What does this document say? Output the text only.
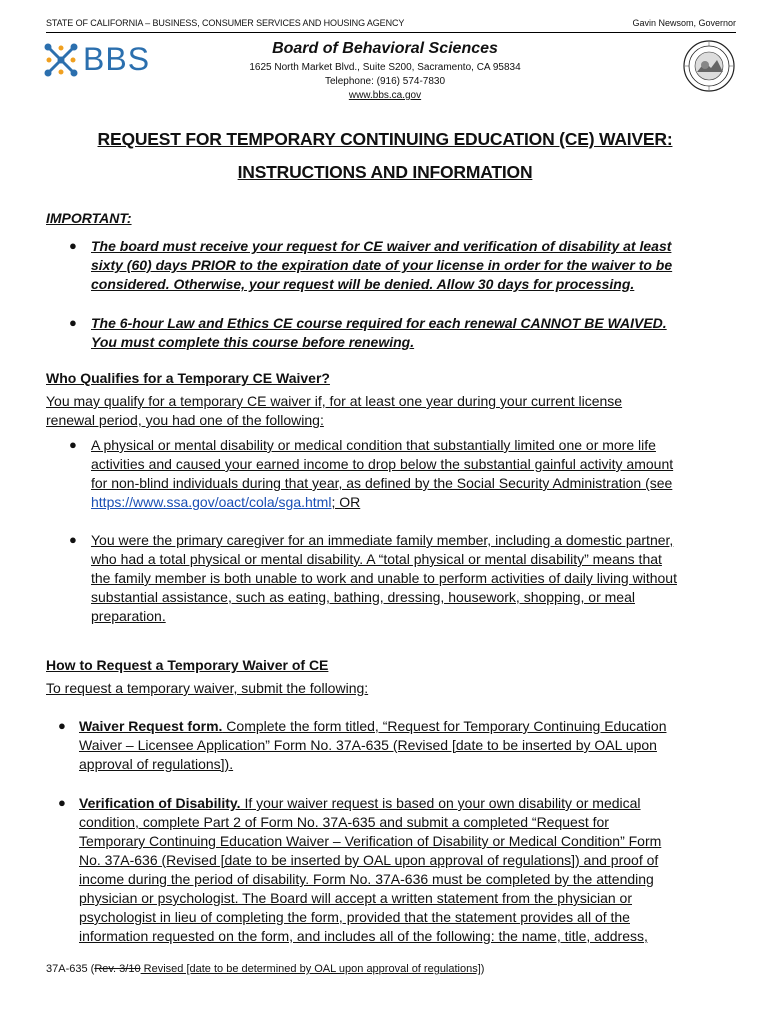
STATE OF CALIFORNIA – BUSINESS, CONSUMER SERVICES AND HOUSING AGENCY	Gavin Newsom, Governor
BBS	Board of Behavioral Sciences
1625 North Market Blvd., Suite S200, Sacramento, CA 95834
Telephone: (916) 574-7830
www.bbs.ca.gov
REQUEST FOR TEMPORARY CONTINUING EDUCATION (CE) WAIVER:
INSTRUCTIONS AND INFORMATION
IMPORTANT:
● The board must receive your request for CE waiver and verification of disability at least
sixty (60) days PRIOR to the expiration date of your license in order for the waiver to be
considered. Otherwise, your request will be denied. Allow 30 days for processing.
● The 6-hour Law and Ethics CE course required for each renewal CANNOT BE WAIVED.
You must complete this course before renewing.
Who Qualifies for a Temporary CE Waiver?
You may qualify for a temporary CE waiver if, for at least one year during your current license
renewal period, you had one of the following:
● A physical or mental disability or medical condition that substantially limited one or more life
activities and caused your earned income to drop below the substantial gainful activity amount
for non-blind individuals during that year, as defined by the Social Security Administration (see
https://www.ssa.gov/oact/cola/sga.html; OR
● You were the primary caregiver for an immediate family member, including a domestic partner,
who had a total physical or mental disability. A “total physical or mental disability” means that
the family member is both unable to work and unable to perform activities of daily living without
substantial assistance, such as eating, bathing, dressing, housework, shopping, or meal
preparation.
How to Request a Temporary Waiver of CE
To request a temporary waiver, submit the following:
● Waiver Request form. Complete the form titled, “Request for Temporary Continuing Education
Waiver – Licensee Application” Form No. 37A-635 (Revised [date to be inserted by OAL upon
approval of regulations]).
● Verification of Disability. If your waiver request is based on your own disability or medical
condition, complete Part 2 of Form No. 37A-635 and submit a completed “Request for
Temporary Continuing Education Waiver – Verification of Disability or Medical Condition” Form
No. 37A-636 (Revised [date to be inserted by OAL upon approval of regulations]) and proof of
income during the period of disability. Form No. 37A-636 must be completed by the attending
physician or psychologist. The Board will accept a written statement from the physician or
psychologist in lieu of completing the form, provided that the statement provides all of the
information requested on the form, and includes all of the following: the name, title, address,
37A-635 (Rev. 3/10 Revised [date to be determined by OAL upon approval of regulations])
